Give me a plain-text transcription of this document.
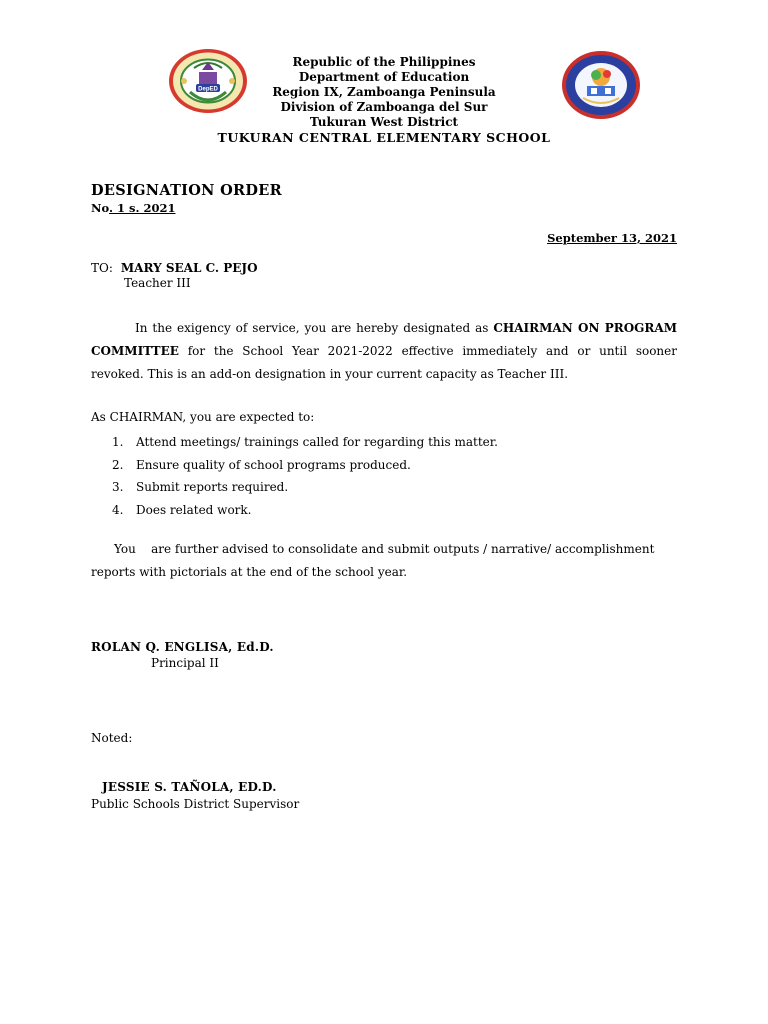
DepED
Republic of the Philippines
Department of Education
Region IX, Zamboanga Peninsula
Division of Zamboanga del Sur
Tukuran West District
TUKURAN CENTRAL ELEMENTARY SCHOOL
DESIGNATION ORDER
No. 1 s. 2021
September 13, 2021
TO: MARY SEAL C. PEJO
Teacher III
In the exigency of service, you are hereby designated as CHAIRMAN ON PROGRAM COMMITTEE for the School Year 2021-2022 effective immediately and or until sooner revoked. This is an add-on designation in your current capacity as Teacher III.
As CHAIRMAN, you are expected to:
1.	Attend meetings/ trainings called for regarding this matter.
2.	Ensure quality of school programs produced.
3.	Submit reports required.
4.	Does related work.
You are further advised to consolidate and submit outputs / narrative/ accomplishment reports with pictorials at the end of the school year.
ROLAN Q. ENGLISA, Ed.D.
Principal II
Noted:
JESSIE S. TAÑOLA, ED.D.
Public Schools District Supervisor
